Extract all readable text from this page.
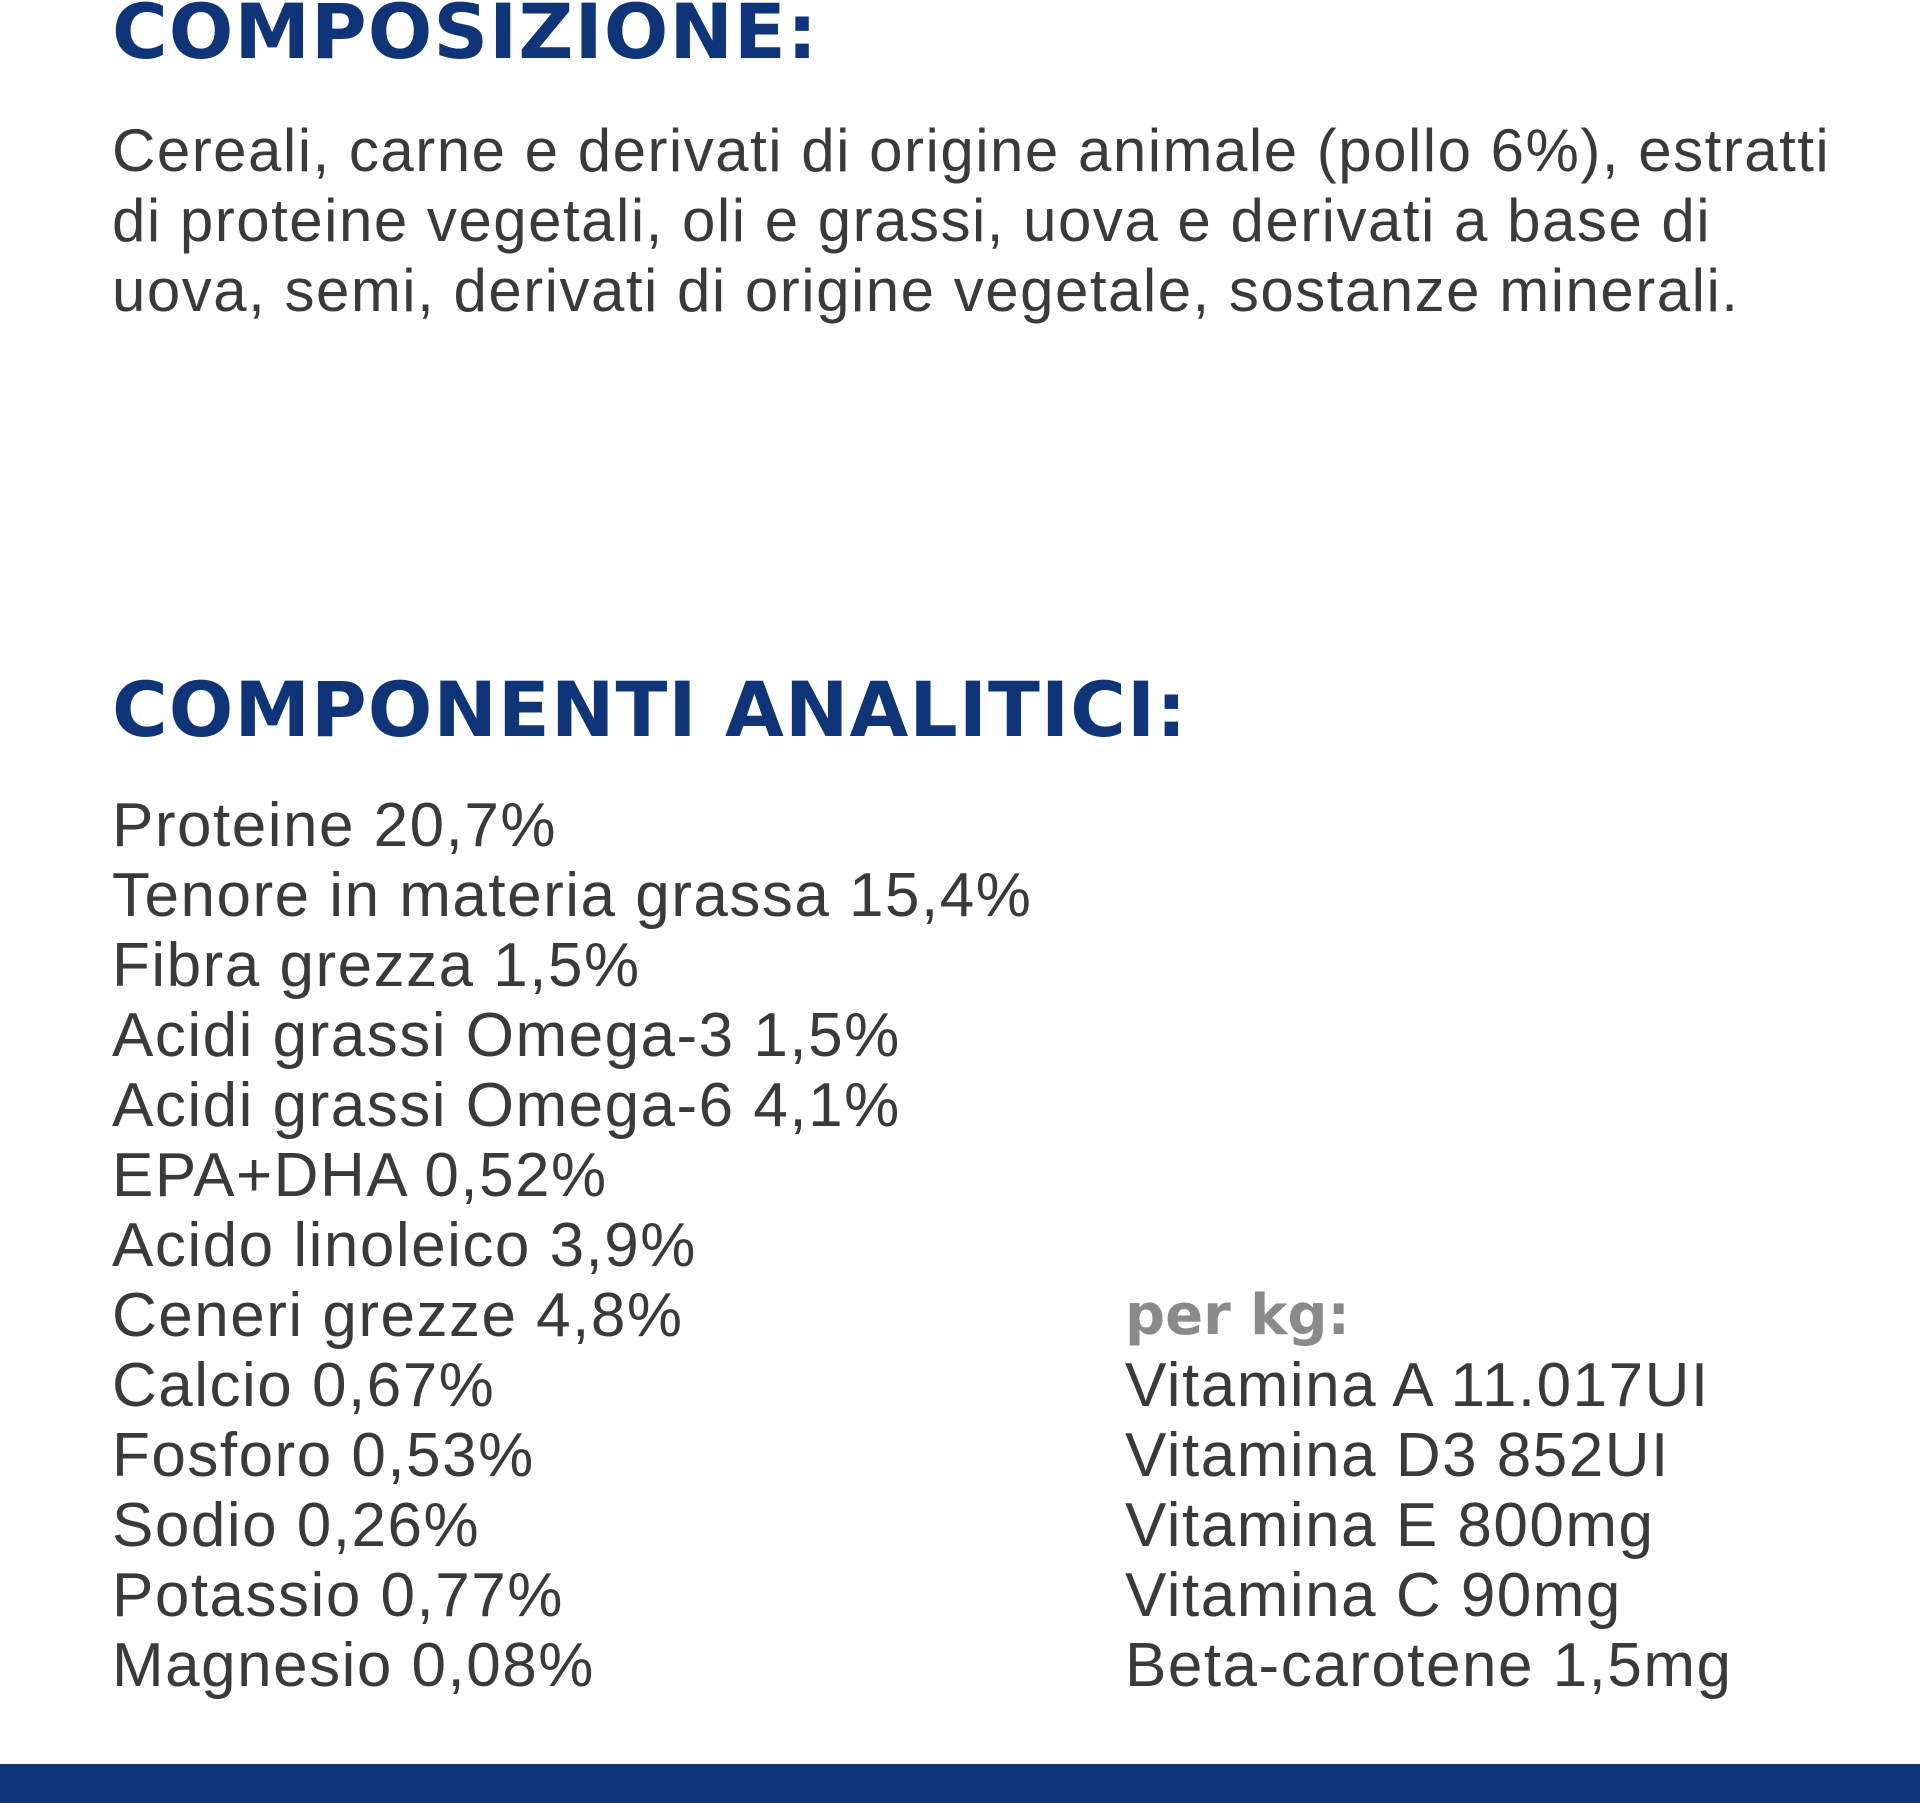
COMPOSIZIONE:

Cereali, carne e derivati di origine animale (pollo 6%), estratti di proteine vegetali, oli e grassi, uova e derivati a base di uova, semi, derivati di origine vegetale, sostanze minerali.

COMPONENTI ANALITICI:
Proteine 20,7%
Tenore in materia grassa 15,4%
Fibra grezza 1,5%
Acidi grassi Omega-3 1,5%
Acidi grassi Omega-6 4,1%
EPA+DHA 0,52%
Acido linoleico 3,9%
Ceneri grezze 4,8%
Calcio 0,67%
Fosforo 0,53%
Sodio 0,26%
Potassio 0,77%
Magnesio 0,08%
per kg:
Vitamina A 11.017UI
Vitamina D3 852UI
Vitamina E 800mg
Vitamina C 90mg
Beta-carotene 1,5mg
